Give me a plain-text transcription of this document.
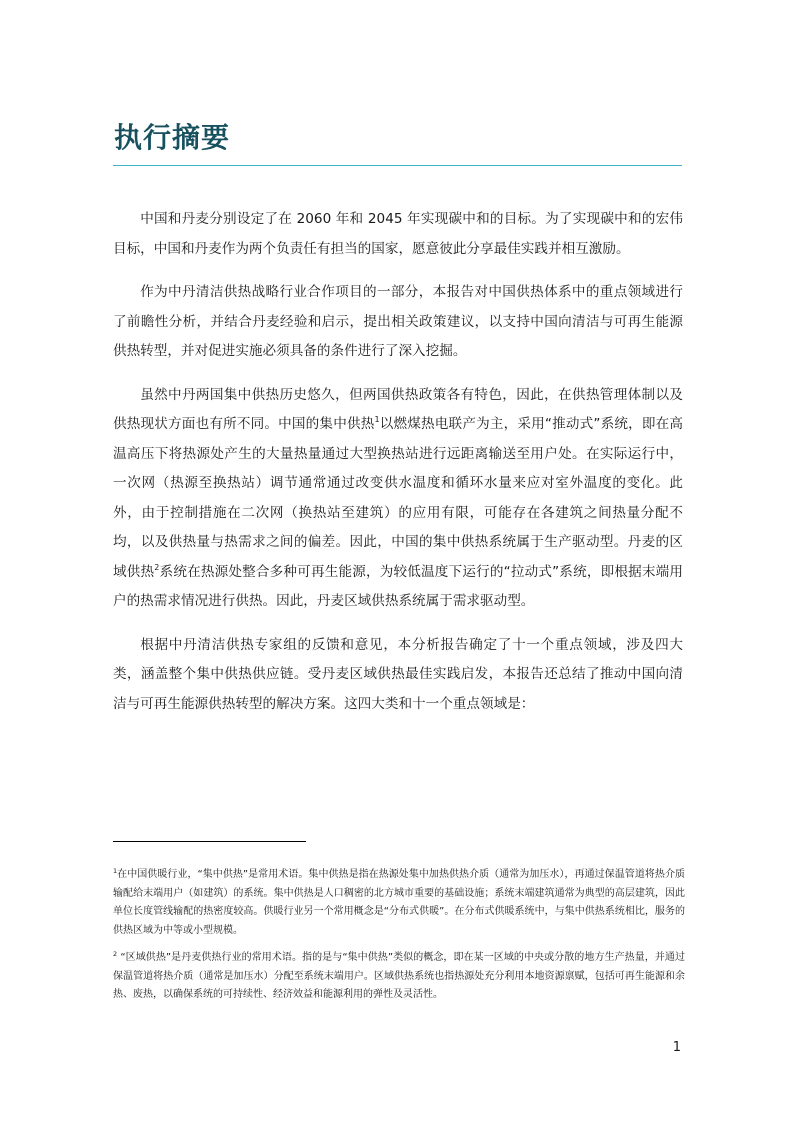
执行摘要

中国和丹麦分别设定了在 2060 年和 2045 年实现碳中和的目标。为了实现碳中和的宏伟目标，中国和丹麦作为两个负责任有担当的国家，愿意彼此分享最佳实践并相互激励。

作为中丹清洁供热战略行业合作项目的一部分，本报告对中国供热体系中的重点领域进行了前瞻性分析，并结合丹麦经验和启示，提出相关政策建议，以支持中国向清洁与可再生能源供热转型，并对促进实施必须具备的条件进行了深入挖掘。

虽然中丹两国集中供热历史悠久，但两国供热政策各有特色，因此，在供热管理体制以及供热现状方面也有所不同。中国的集中供热$^1$以燃煤热电联产为主，采用“推动式”系统，即在高温高压下将热源处产生的大量热量通过大型换热站进行远距离输送至用户处。在实际运行中，一次网（热源至换热站）调节通常通过改变供水温度和循环水量来应对室外温度的变化。此外，由于控制措施在二次网（换热站至建筑）的应用有限，可能存在各建筑之间热量分配不均，以及供热量与热需求之间的偏差。因此，中国的集中供热系统属于生产驱动型。丹麦的区域供热$^2$系统在热源处整合多种可再生能源，为较低温度下运行的“拉动式”系统，即根据末端用户的热需求情况进行供热。因此，丹麦区域供热系统属于需求驱动型。

根据中丹清洁供热专家组的反馈和意见，本分析报告确定了十一个重点领域，涉及四大类，涵盖整个集中供热供应链。受丹麦区域供热最佳实践启发，本报告还总结了推动中国向清洁与可再生能源供热转型的解决方案。这四大类和十一个重点领域是：

$^1$在中国供暖行业，“集中供热”是常用术语。集中供热是指在热源处集中加热供热介质（通常为加压水），再通过保温管道将热介质输配给末端用户（如建筑）的系统。集中供热是人口稠密的北方城市重要的基础设施；系统末端建筑通常为典型的高层建筑，因此单位长度管线输配的热密度较高。供暖行业另一个常用概念是“分布式供暖”。在分布式供暖系统中，与集中供热系统相比，服务的供热区域为中等或小型规模。

$^2$ “区域供热”是丹麦供热行业的常用术语。指的是与“集中供热”类似的概念，即在某一区域的中央或分散的地方生产热量，并通过保温管道将热介质（通常是加压水）分配至系统末端用户。区域供热系统也指热源处充分利用本地资源禀赋，包括可再生能源和余热、废热，以确保系统的可持续性、经济效益和能源利用的弹性及灵活性。

1
